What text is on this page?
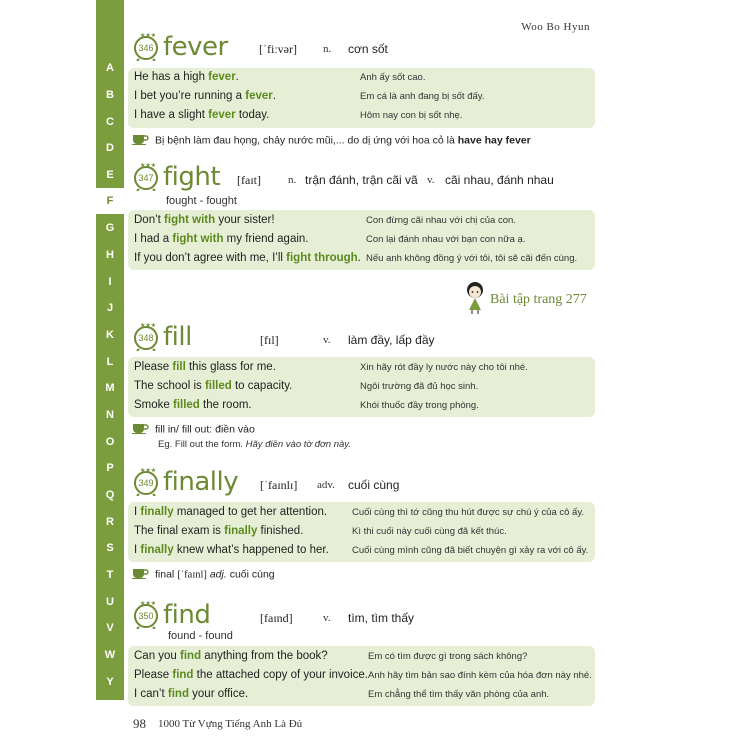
A
B
C
D
E
F
G
H
I
J
K
L
M
N
O
P
Q
R
S
T
U
V
W
Y
Woo Bo Hyun
★★★
346 fever	[ˈfiːvər] n. cơn sốt
He has a high fever.	Anh ấy sốt cao.
I bet you’re running a fever.	Em cá là anh đang bị sốt đấy.
I have a slight fever today.	Hôm nay con bị sốt nhẹ.
Bị bệnh làm đau họng, chảy nước mũi,... do dị ứng với hoa cỏ là have hay fever
★★★
347 fight [faɪt] n. trận đánh, trận cãi vã v. cãi nhau, đánh nhau
fought - fought
Don’t fight with your sister!	Con đừng cãi nhau với chị của con.
I had a fight with my friend again.	Con lại đánh nhau với bạn con nữa ạ.
If you don’t agree with me, I’ll fight through. Nếu anh không đồng ý với tôi, tôi sẽ cãi đến cùng.
Bài tập trang 277
★★★
348 fill	[fɪl]	v. làm đầy, lấp đầy
Please fill this glass for me.	Xin hãy rót đầy ly nước này cho tôi nhé.
The school is filled to capacity.	Ngôi trường đã đủ học sinh.
Smoke filled the room.	Khói thuốc đầy trong phòng.
fill in/ fill out: điền vào
Eg. Fill out the form. Hãy điền vào tờ đơn này.
★★★
349 finally [ˈfaɪnlɪ] adv. cuối cùng
I finally managed to get her attention.	Cuối cùng thì tớ cũng thu hút được sự chú ý của cô ấy.
The final exam is finally finished.	Kì thi cuối này cuối cùng đã kết thúc.
I finally knew what’s happened to her. Cuối cùng mình cũng đã biết chuyện gì xảy ra với cô ấy.
final [ˈfaɪnl] adj. cuối cùng
★★★
350 find	[faɪnd]	v. tìm, tìm thấy
found - found
Can you find anything from the book?	Em có tìm được gì trong sách không?
Please find the attached copy of your invoice. Anh hãy tìm bản sao đính kèm của hóa đơn này nhé.
I can’t find your office.	Em chẳng thể tìm thấy văn phòng của anh.
98 1000 Từ Vựng Tiếng Anh Là Đủ
